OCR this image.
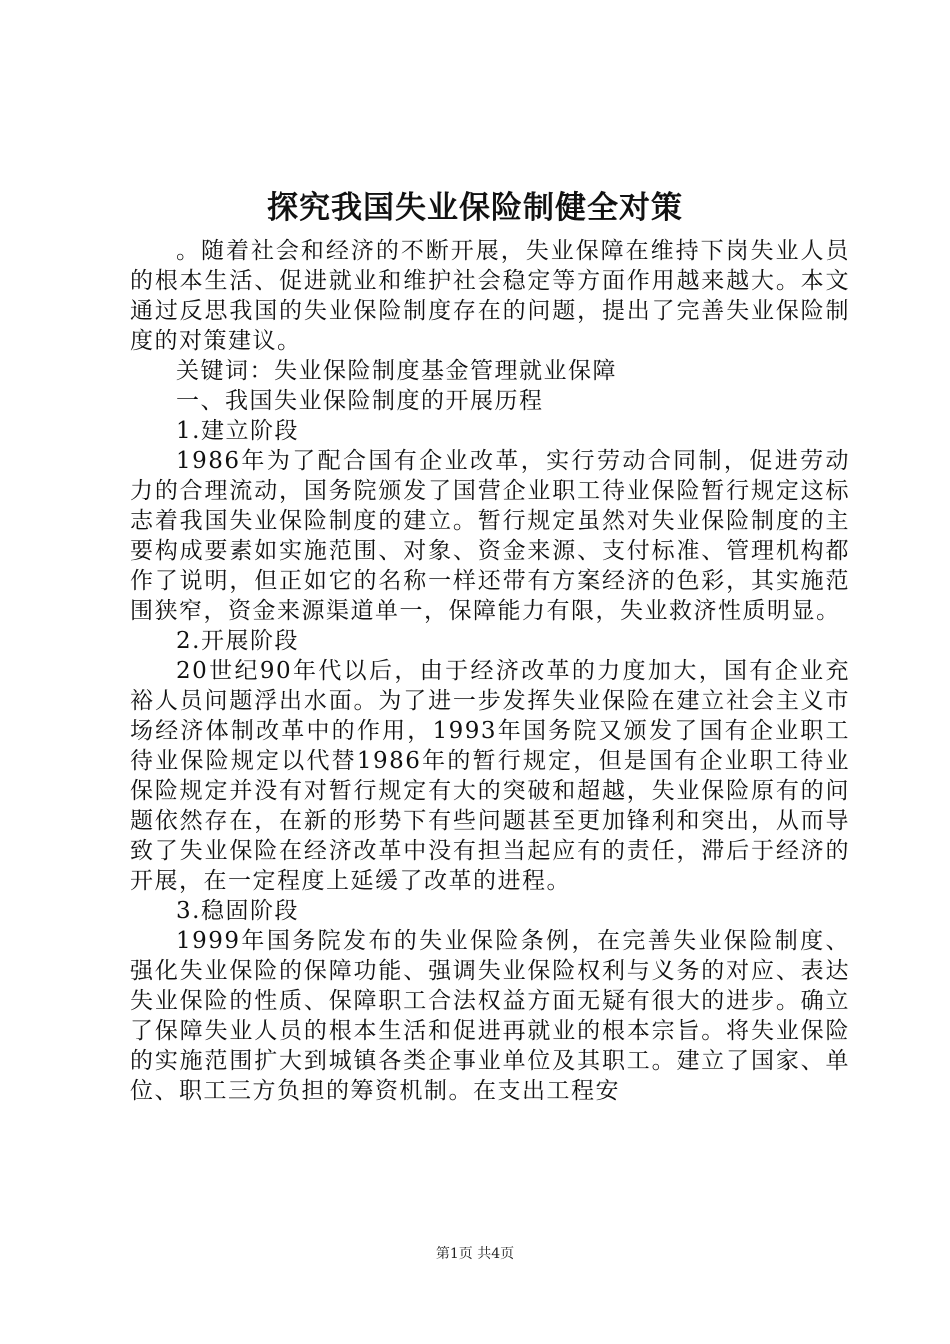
探究我国失业保险制健全对策

。随着社会和经济的不断开展，失业保障在维持下岗失业人员的根本生活、促进就业和维护社会稳定等方面作用越来越大。本文通过反思我国的失业保险制度存在的问题，提出了完善失业保险制度的对策建议。

关键词：失业保险制度基金管理就业保障

一、我国失业保险制度的开展历程

1.建立阶段

1986年为了配合国有企业改革，实行劳动合同制，促进劳动力的合理流动，国务院颁发了国营企业职工待业保险暂行规定这标志着我国失业保险制度的建立。暂行规定虽然对失业保险制度的主要构成要素如实施范围、对象、资金来源、支付标准、管理机构都作了说明，但正如它的名称一样还带有方案经济的色彩，其实施范围狭窄，资金来源渠道单一，保障能力有限，失业救济性质明显。

2.开展阶段

20世纪90年代以后，由于经济改革的力度加大，国有企业充裕人员问题浮出水面。为了进一步发挥失业保险在建立社会主义市场经济体制改革中的作用，1993年国务院又颁发了国有企业职工待业保险规定以代替1986年的暂行规定，但是国有企业职工待业保险规定并没有对暂行规定有大的突破和超越，失业保险原有的问题依然存在，在新的形势下有些问题甚至更加锋利和突出，从而导致了失业保险在经济改革中没有担当起应有的责任，滞后于经济的开展，在一定程度上延缓了改革的进程。

3.稳固阶段

1999年国务院发布的失业保险条例，在完善失业保险制度、强化失业保险的保障功能、强调失业保险权利与义务的对应、表达失业保险的性质、保障职工合法权益方面无疑有很大的进步。确立了保障失业人员的根本生活和促进再就业的根本宗旨。将失业保险的实施范围扩大到城镇各类企事业单位及其职工。建立了国家、单位、职工三方负担的筹资机制。在支出工程安

第1页 共4页
